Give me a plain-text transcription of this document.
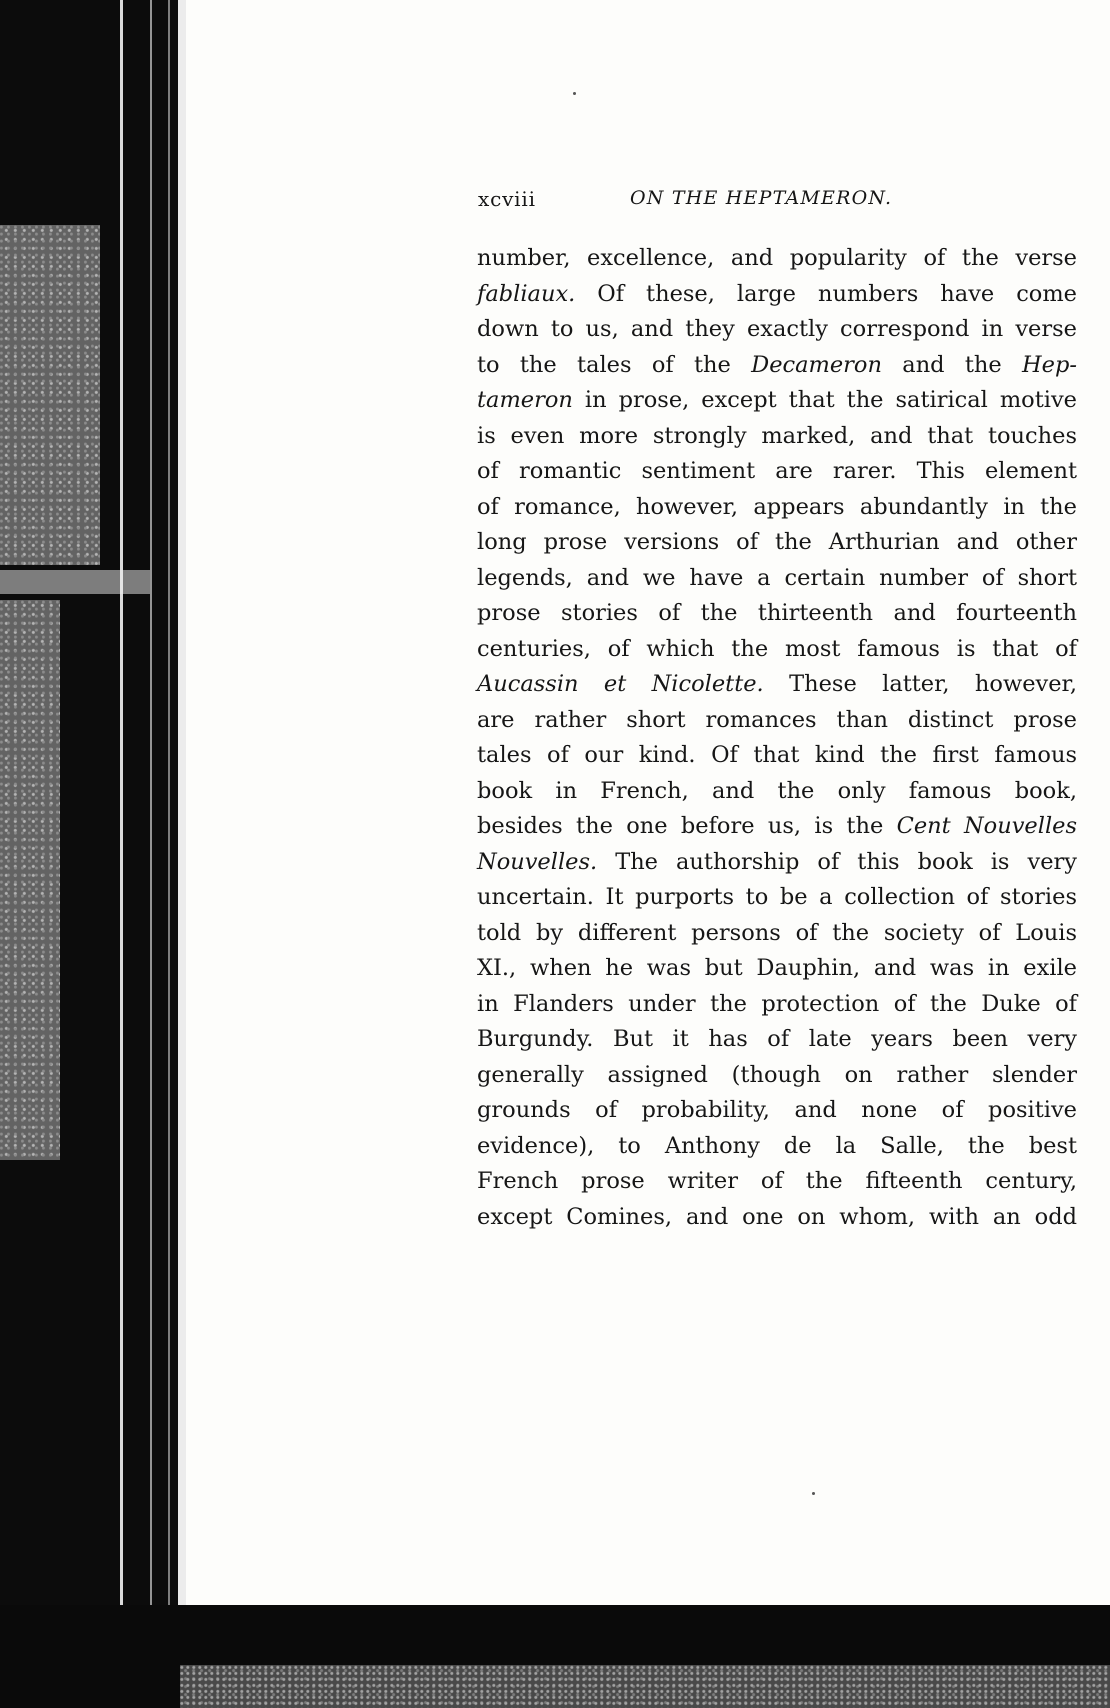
xcviii	ON THE HEPTAMERON.
number, excellence, and popularity of the verse
fabliaux. Of these, large numbers have come
down to us, and they exactly correspond in verse
to the tales of the Decameron and the Hep-
tameron in prose, except that the satirical motive
is even more strongly marked, and that touches
of romantic sentiment are rarer. This element
of romance, however, appears abundantly in the
long prose versions of the Arthurian and other
legends, and we have a certain number of short
prose stories of the thirteenth and fourteenth
centuries, of which the most famous is that of
Aucassin et Nicolette. These latter, however,
are rather short romances than distinct prose
tales of our kind. Of that kind the first famous
book in French, and the only famous book,
besides the one before us, is the Cent Nouvelles
Nouvelles. The authorship of this book is very
uncertain. It purports to be a collection of stories
told by different persons of the society of Louis
XI., when he was but Dauphin, and was in exile
in Flanders under the protection of the Duke of
Burgundy. But it has of late years been very
generally assigned (though on rather slender
grounds of probability, and none of positive
evidence), to Anthony de la Salle, the best
French prose writer of the fifteenth century,
except Comines, and one on whom, with an odd
